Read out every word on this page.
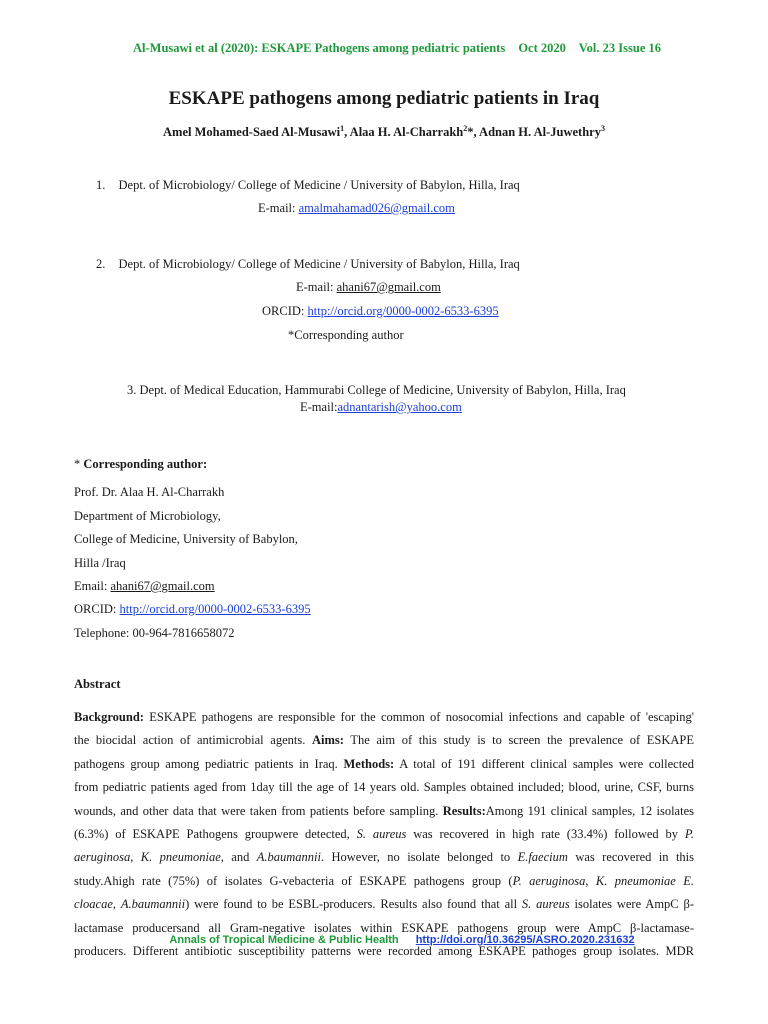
Al-Musawi et al (2020): ESKAPE Pathogens among pediatric patients Oct 2020 Vol. 23 Issue 16
ESKAPE pathogens among pediatric patients in Iraq
Amel Mohamed-Saed Al-Musawi$^1$, Alaa H. Al-Charrakh$^2$*, Adnan H. Al-Juwethry$^3$
1. Dept. of Microbiology/ College of Medicine / University of Babylon, Hilla, Iraq
E-mail: amalmahamad026@gmail.com
2. Dept. of Microbiology/ College of Medicine / University of Babylon, Hilla, Iraq
E-mail: ahani67@gmail.com
ORCID: http://orcid.org/0000-0002-6533-6395
*Corresponding author
3. Dept. of Medical Education, Hammurabi College of Medicine, University of Babylon, Hilla, Iraq
E-mail:adnantarish@yahoo.com
* Corresponding author:
Prof. Dr. Alaa H. Al-Charrakh
Department of Microbiology,
College of Medicine, University of Babylon,
Hilla /Iraq
Email: ahani67@gmail.com
ORCID: http://orcid.org/0000-0002-6533-6395
Telephone: 00-964-7816658072
Abstract
Background: ESKAPE pathogens are responsible for the common of nosocomial infections and capable of 'escaping'
the biocidal action of antimicrobial agents. Aims: The aim of this study is to screen the prevalence of ESKAPE
pathogens group among pediatric patients in Iraq. Methods: A total of 191 different clinical samples were collected
from pediatric patients aged from 1day till the age of 14 years old. Samples obtained included; blood, urine, CSF, burns
wounds, and other data that were taken from patients before sampling. Results:Among 191 clinical samples, 12 isolates
(6.3%) of ESKAPE Pathogens groupwere detected, S. aureus was recovered in high rate (33.4%) followed by P.
aeruginosa, K. pneumoniae, and A.baumannii. However, no isolate belonged to E.faecium was recovered in this
study.Ahigh rate (75%) of isolates G-vebacteria of ESKAPE pathogens group (P. aeruginosa, K. pneumoniae E.
cloacae, A.baumannii) were found to be ESBL-producers. Results also found that all S. aureus isolates were AmpC β-
lactamase producersand all Gram-negative isolates within ESKAPE pathogens group were AmpC β-lactamase-
producers. Different antibiotic susceptibility patterns were recorded among ESKAPE pathoges group isolates. MDR
Annals of Tropical Medicine & Public Health http://doi.org/10.36295/ASRO.2020.231632
